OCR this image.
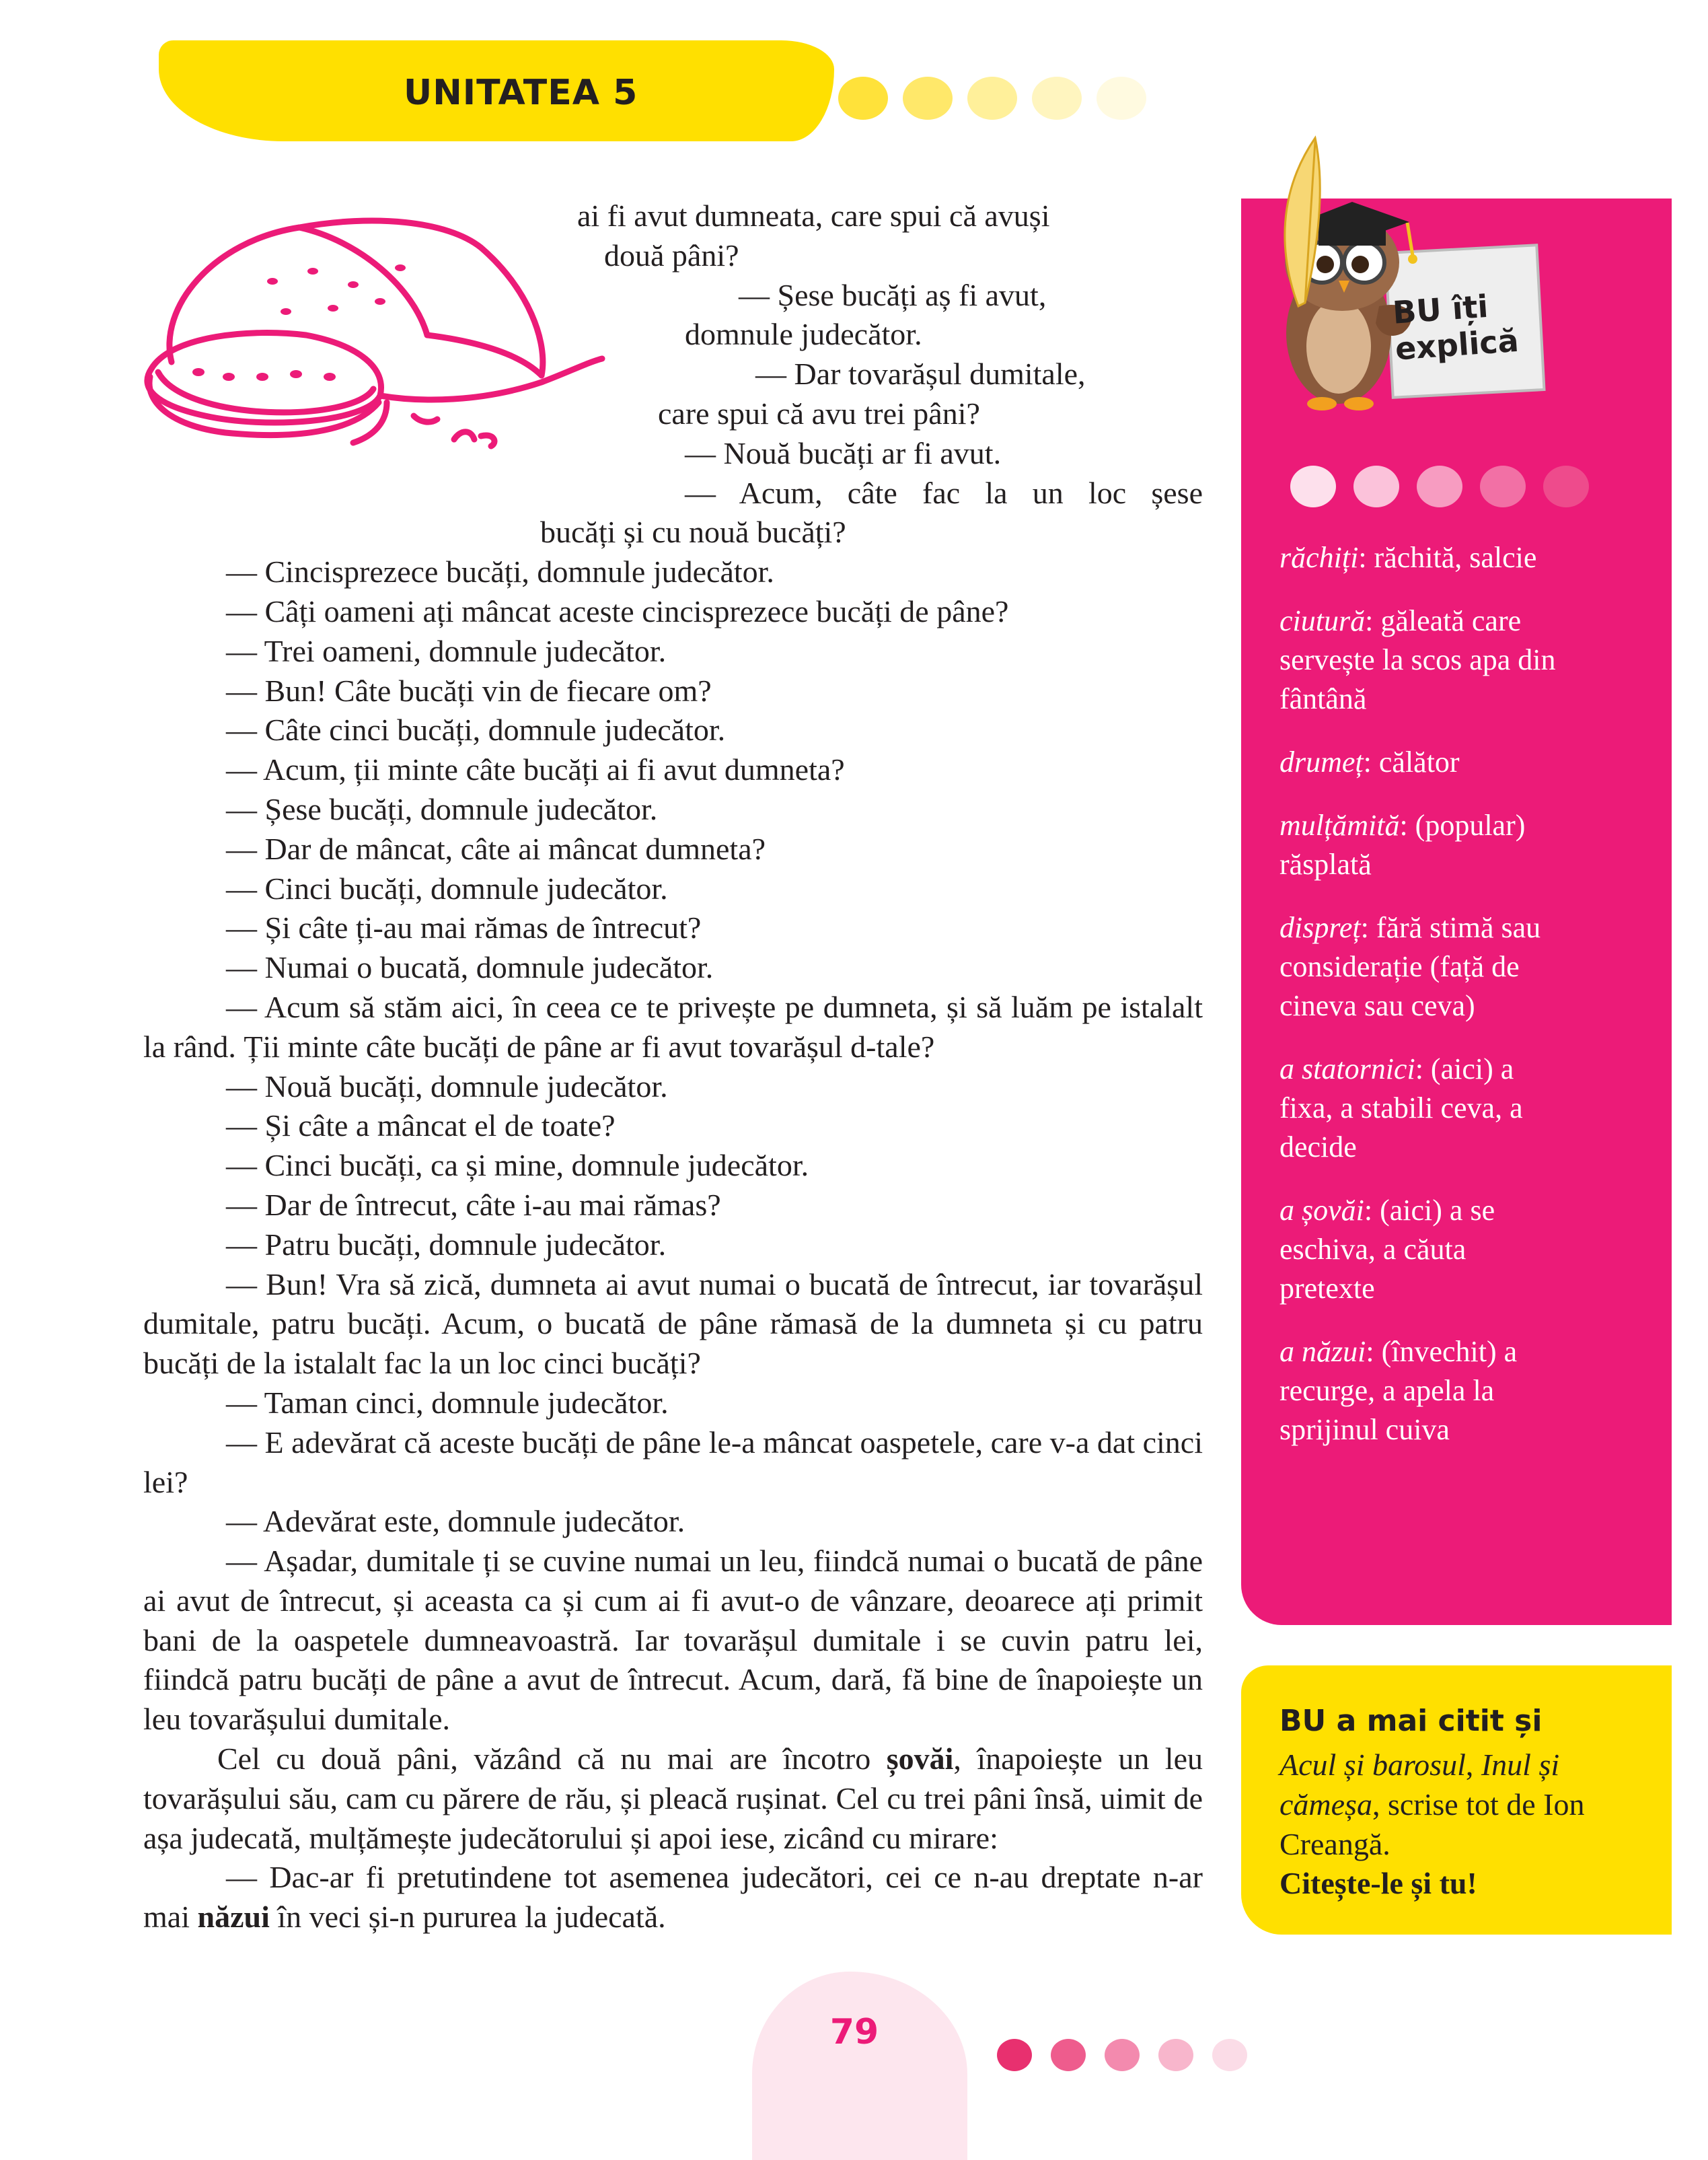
UNITATEA 5
ai fi avut dumneata, care spui că avuși
două pâni?
— Șese bucăți aș fi avut,
domnule judecător.
— Dar tovarășul dumitale,
care spui că avu trei pâni?
— Nouă bucăți ar fi avut.
— Acum, câte fac la un loc șese
bucăți și cu nouă bucăți?

— Cincisprezece bucăți, domnule judecător.

— Câți oameni ați mâncat aceste cincisprezece bucăți de pâne?

— Trei oameni, domnule judecător.

— Bun! Câte bucăți vin de fiecare om?

— Câte cinci bucăți, domnule judecător.

— Acum, ții minte câte bucăți ai fi avut dumneta?

— Șese bucăți, domnule judecător.

— Dar de mâncat, câte ai mâncat dumneta?

— Cinci bucăți, domnule judecător.

— Și câte ți-au mai rămas de întrecut?

— Numai o bucată, domnule judecător.

— Acum să stăm aici, în ceea ce te privește pe dumneta, și să luăm pe istalalt la rând. Ții minte câte bucăți de pâne ar fi avut tovarășul d-tale?

— Nouă bucăți, domnule judecător.

— Și câte a mâncat el de toate?

— Cinci bucăți, ca și mine, domnule judecător.

— Dar de întrecut, câte i-au mai rămas?

— Patru bucăți, domnule judecător.

— Bun! Vra să zică, dumneta ai avut numai o bucată de întrecut, iar tovarășul dumitale, patru bucăți. Acum, o bucată de pâne rămasă de la dumneta și cu patru bucăți de la istalalt fac la un loc cinci bucăți?

— Taman cinci, domnule judecător.

— E adevărat că aceste bucăți de pâne le-a mâncat oaspetele, care v-a dat cinci lei?

— Adevărat este, domnule judecător.

— Așadar, dumitale ți se cuvine numai un leu, fiindcă numai o bucată de pâne ai avut de întrecut, și aceasta ca și cum ai fi avut-o de vânzare, deoarece ați primit bani de la oaspetele dumneavoastră. Iar tovarășul dumitale i se cuvin patru lei, fiindcă patru bucăți de pâne a avut de întrecut. Acum, dară, fă bine de înapoiește un leu tovarășului dumitale.

Cel cu două pâni, văzând că nu mai are încotro șovăi, înapoiește un leu tovarășului său, cam cu părere de rău, și pleacă rușinat. Cel cu trei pâni însă, uimit de așa judecată, mulțămește judecătorului și apoi iese, zicând cu mirare:

— Dac-ar fi pretutindene tot asemenea judecători, cei ce n-au dreptate n-ar mai năzui în veci și-n pururea la judecată.

BU îți
explică

răchiți: răchită, salcie

ciutură: găleată care servește la scos apa din fântână

drumeț: călător

mulțămită: (popular) răsplată

dispreț: fără stimă sau considerație (față de cineva sau ceva)

a statornici: (aici) a fixa, a stabili ceva, a decide

a șovăi: (aici) a se eschiva, a căuta pretexte

a năzui: (învechit) a recurge, a apela la sprijinul cuiva

BU a mai citit și
Acul și barosul, Inul și cămeșa, scrise tot de Ion Creangă.
Citește-le și tu!
79
